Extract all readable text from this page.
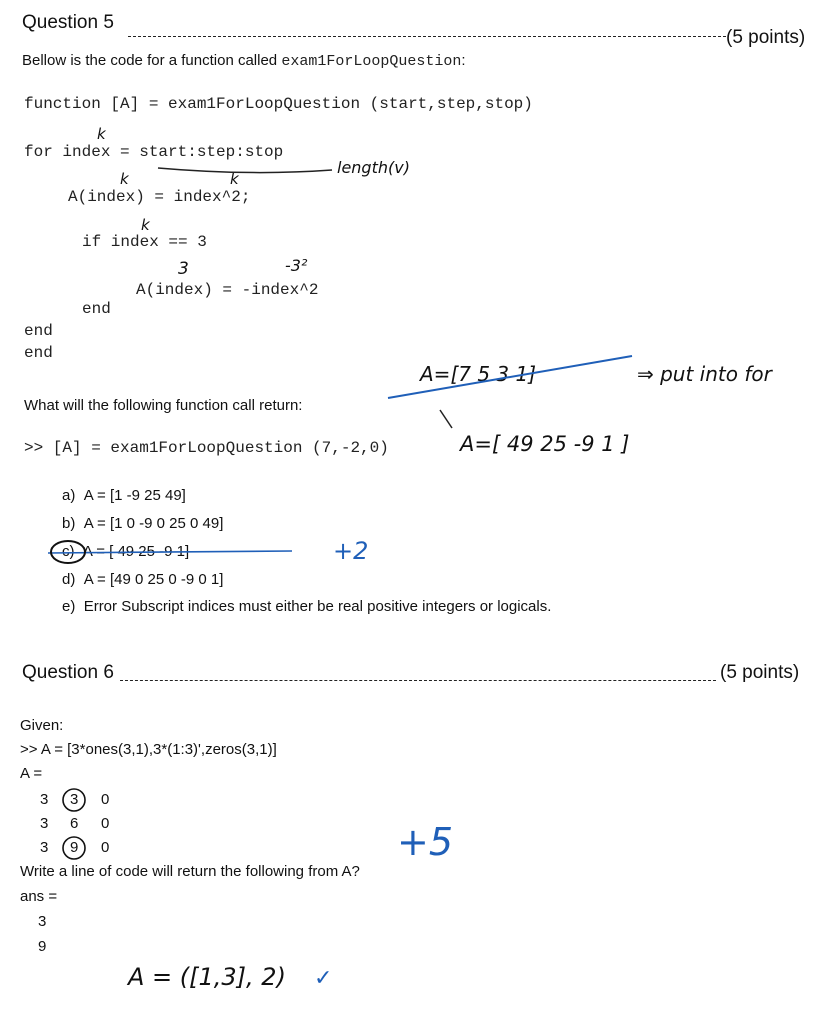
Question 5
(5 points)
Bellow is the code for a function called exam1ForLoopQuestion:
function [A] = exam1ForLoopQuestion (start,step,stop)
for index = start:step:stop
A(index) = index^2;
if index == 3
A(index) = -index^2
end
end
end
k
k	k
k
length(v)
3	-3²
What will the following function call return:
>> [A] = exam1ForLoopQuestion (7,-2,0)
A=[7 5 3 1]	⇒ put into for
A=[ 49 25 -9 1 ]
a) A = [1 -9 25 49]
b) A = [1 0 -9 0 25 0 49]
c) A = [ 49 25 -9 1]
d) A = [49 0 25 0 -9 0 1]
e) Error Subscript indices must either be real positive integers or logicals.
+2
Question 6	(5 points)
Given:
>> A = [3*ones(3,1),3*(1:3)',zeros(3,1)]
A =
3 3 0
3 6 0
3 9 0
Write a line of code will return the following from A?
ans =
3
9
+5
A = ([1,3], 2) ✓
